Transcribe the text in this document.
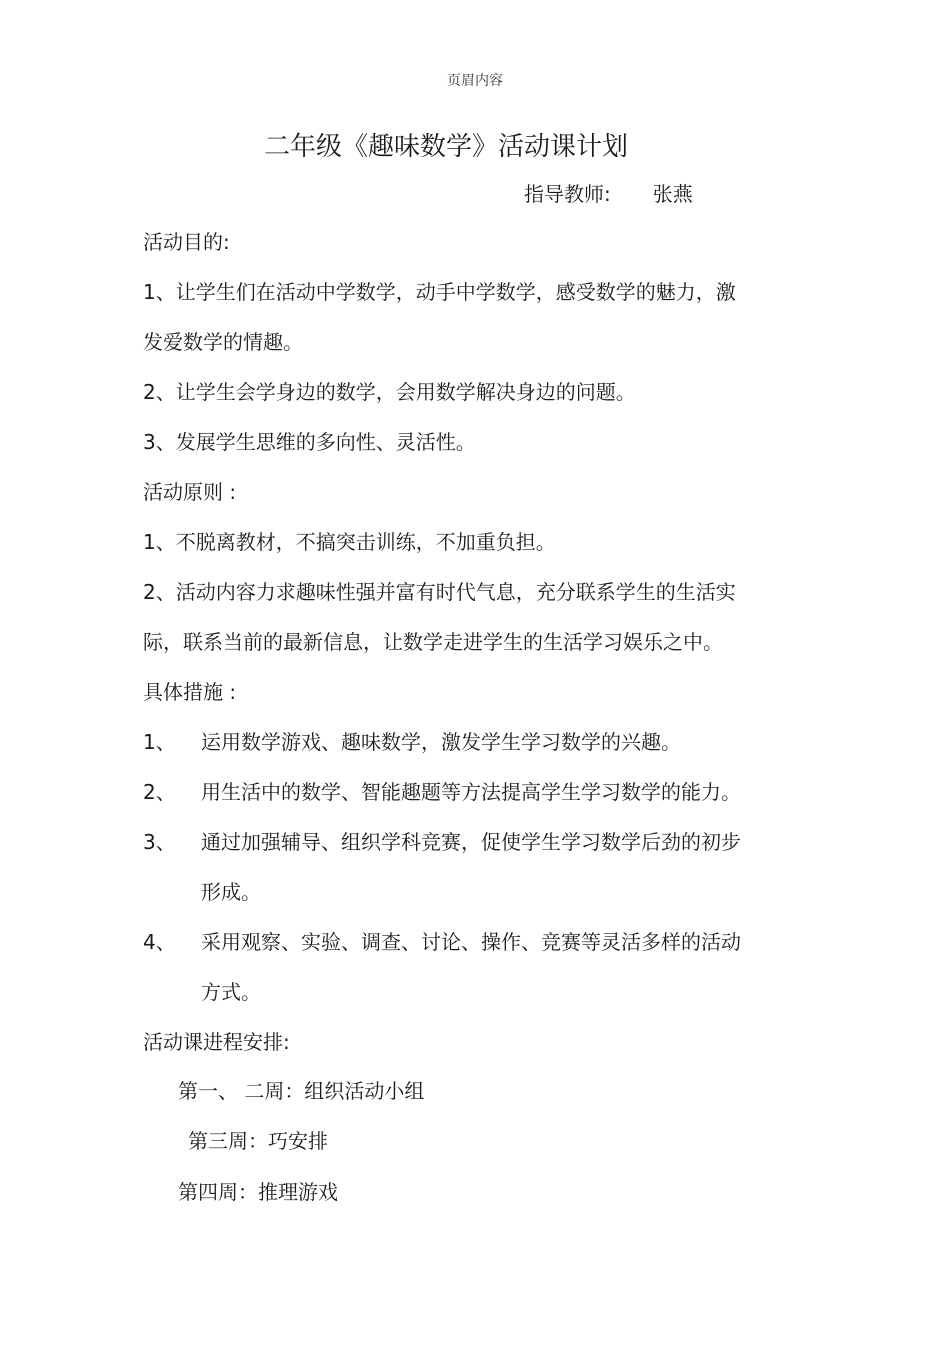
页眉内容
二年级《趣味数学》活动课计划
指导教师: 张燕
活动目的:
1、让学生们在活动中学数学，动手中学数学，感受数学的魅力，激
发爱数学的情趣。
2、让学生会学身边的数学，会用数学解决身边的问题。
3、发展学生思维的多向性、灵活性。
活动原则 :
1、不脱离教材，不搞突击训练，不加重负担。
2、活动内容力求趣味性强并富有时代气息，充分联系学生的生活实
际，联系当前的最新信息，让数学走进学生的生活学习娱乐之中。
具体措施 :
1、 运用数学游戏、趣味数学，激发学生学习数学的兴趣。
2、 用生活中的数学、智能趣题等方法提高学生学习数学的能力。
3、 通过加强辅导、组织学科竞赛，促使学生学习数学后劲的初步
形成。
4、 采用观察、实验、调查、讨论、操作、竞赛等灵活多样的活动
方式。
活动课进程安排:
第一、 二周：组织活动小组
第三周：巧安排
第四周：推理游戏
